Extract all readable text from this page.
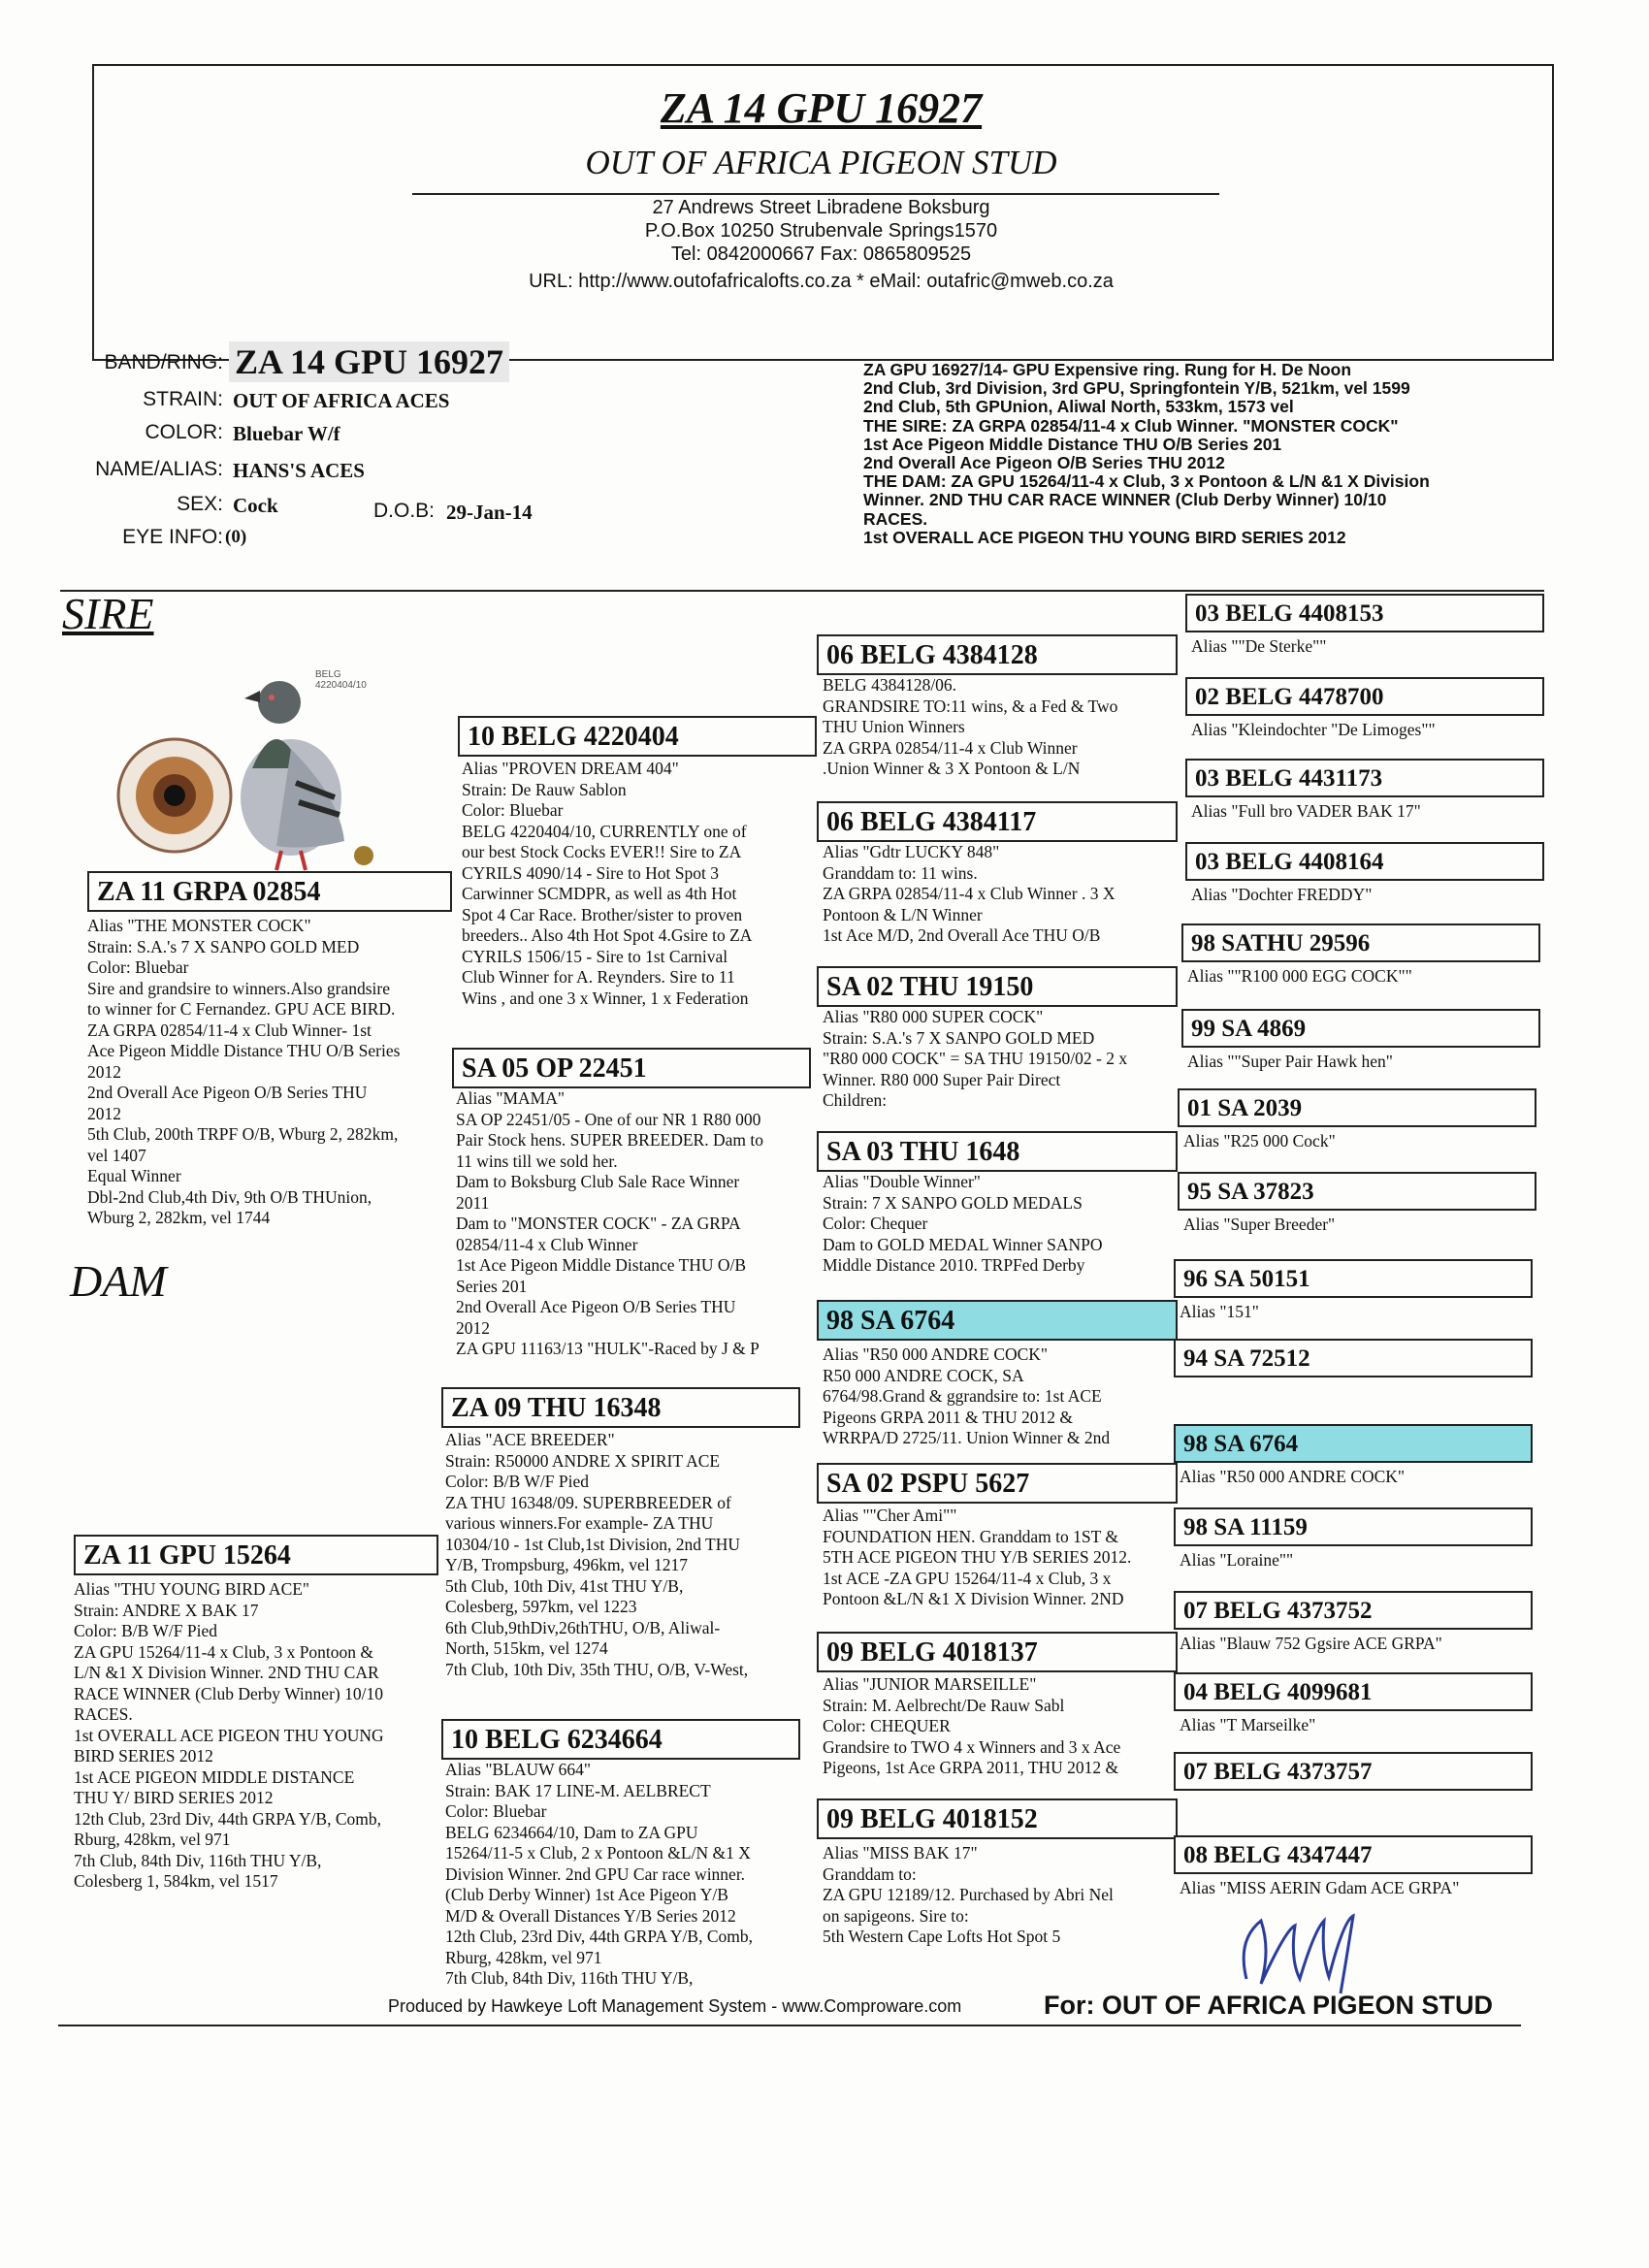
ZA 14 GPU 16927
OUT OF AFRICA PIGEON STUD
27 Andrews Street Libradene Boksburg
P.O.Box 10250 Strubenvale Springs1570
Tel: 0842000667 Fax: 0865809525
URL: http://www.outofafricalofts.co.za * eMail: outafric@mweb.co.za
BAND/RING: ZA 14 GPU 16927
STRAIN: OUT OF AFRICA ACES
COLOR: Bluebar W/f
NAME/ALIAS: HANS'S ACES
SEX: Cock	D.O.B: 29-Jan-14
EYE INFO: (0)
ZA GPU 16927/14- GPU Expensive ring. Rung for H. De Noon
2nd Club, 3rd Division, 3rd GPU, Springfontein Y/B, 521km, vel 1599
2nd Club, 5th GPUnion, Aliwal North, 533km, 1573 vel
THE SIRE: ZA GRPA 02854/11-4 x Club Winner. "MONSTER COCK"
1st Ace Pigeon Middle Distance THU O/B Series 201
2nd Overall Ace Pigeon O/B Series THU 2012
THE DAM: ZA GPU 15264/11-4 x Club, 3 x Pontoon & L/N &1 X Division
Winner. 2ND THU CAR RACE WINNER (Club Derby Winner) 10/10
RACES.
1st OVERALL ACE PIGEON THU YOUNG BIRD SERIES 2012
SIRE
DAM
BELG 4220404/10
ZA 11 GRPA 02854
Alias "THE MONSTER COCK"
Strain: S.A.'s 7 X SANPO GOLD MED
Color: Bluebar
Sire and grandsire to winners.Also grandsire
to winner for C Fernandez. GPU ACE BIRD.
ZA GRPA 02854/11-4 x Club Winner- 1st
Ace Pigeon Middle Distance THU O/B Series
2012
2nd Overall Ace Pigeon O/B Series THU
2012
5th Club, 200th TRPF O/B, Wburg 2, 282km,
vel 1407
Equal Winner
Dbl-2nd Club,4th Div, 9th O/B THUnion,
Wburg 2, 282km, vel 1744
ZA 11 GPU 15264
Alias "THU YOUNG BIRD ACE"
Strain: ANDRE X BAK 17
Color: B/B W/F Pied
ZA GPU 15264/11-4 x Club, 3 x Pontoon &
L/N &1 X Division Winner. 2ND THU CAR
RACE WINNER (Club Derby Winner) 10/10
RACES.
1st OVERALL ACE PIGEON THU YOUNG
BIRD SERIES 2012
1st ACE PIGEON MIDDLE DISTANCE
THU Y/ BIRD SERIES 2012
12th Club, 23rd Div, 44th GRPA Y/B, Comb,
Rburg, 428km, vel 971
7th Club, 84th Div, 116th THU Y/B,
Colesberg 1, 584km, vel 1517
10 BELG 4220404
Alias "PROVEN DREAM 404"
Strain: De Rauw Sablon
Color: Bluebar
BELG 4220404/10, CURRENTLY one of
our best Stock Cocks EVER!! Sire to ZA
CYRILS 4090/14 - Sire to Hot Spot 3
Carwinner SCMDPR, as well as 4th Hot
Spot 4 Car Race. Brother/sister to proven
breeders.. Also 4th Hot Spot 4.Gsire to ZA
CYRILS 1506/15 - Sire to 1st Carnival
Club Winner for A. Reynders. Sire to 11
Wins , and one 3 x Winner, 1 x Federation
SA 05 OP 22451
Alias "MAMA"
SA OP 22451/05 - One of our NR 1 R80 000
Pair Stock hens. SUPER BREEDER. Dam to
11 wins till we sold her.
Dam to Boksburg Club Sale Race Winner
2011
Dam to "MONSTER COCK" - ZA GRPA
02854/11-4 x Club Winner
1st Ace Pigeon Middle Distance THU O/B
Series 201
2nd Overall Ace Pigeon O/B Series THU
2012
ZA GPU 11163/13 "HULK"-Raced by J & P
ZA 09 THU 16348
Alias "ACE BREEDER"
Strain: R50000 ANDRE X SPIRIT ACE
Color: B/B W/F Pied
ZA THU 16348/09. SUPERBREEDER of
various winners.For example- ZA THU
10304/10 - 1st Club,1st Division, 2nd THU
Y/B, Trompsburg, 496km, vel 1217
5th Club, 10th Div, 41st THU Y/B,
Colesberg, 597km, vel 1223
6th Club,9thDiv,26thTHU, O/B, Aliwal-
North, 515km, vel 1274
7th Club, 10th Div, 35th THU, O/B, V-West,
10 BELG 6234664
Alias "BLAUW 664"
Strain: BAK 17 LINE-M. AELBRECT
Color: Bluebar
BELG 6234664/10, Dam to ZA GPU
15264/11-5 x Club, 2 x Pontoon &L/N &1 X
Division Winner. 2nd GPU Car race winner.
(Club Derby Winner) 1st Ace Pigeon Y/B
M/D & Overall Distances Y/B Series 2012
12th Club, 23rd Div, 44th GRPA Y/B, Comb,
Rburg, 428km, vel 971
7th Club, 84th Div, 116th THU Y/B,
06 BELG 4384128
BELG 4384128/06.
GRANDSIRE TO:11 wins, & a Fed & Two
THU Union Winners
ZA GRPA 02854/11-4 x Club Winner
.Union Winner & 3 X Pontoon & L/N
06 BELG 4384117
Alias "Gdtr LUCKY 848"
Granddam to: 11 wins.
ZA GRPA 02854/11-4 x Club Winner . 3 X
Pontoon & L/N Winner
1st Ace M/D, 2nd Overall Ace THU O/B
SA 02 THU 19150
Alias "R80 000 SUPER COCK"
Strain: S.A.'s 7 X SANPO GOLD MED
"R80 000 COCK" = SA THU 19150/02 - 2 x
Winner. R80 000 Super Pair Direct
Children:
SA 03 THU 1648
Alias "Double Winner"
Strain: 7 X SANPO GOLD MEDALS
Color: Chequer
Dam to GOLD MEDAL Winner SANPO
Middle Distance 2010. TRPFed Derby
98 SA 6764
Alias "R50 000 ANDRE COCK"
R50 000 ANDRE COCK, SA
6764/98.Grand & ggrandsire to: 1st ACE
Pigeons GRPA 2011 & THU 2012 &
WRRPA/D 2725/11. Union Winner & 2nd
SA 02 PSPU 5627
Alias ""Cher Ami""
FOUNDATION HEN. Granddam to 1ST &
5TH ACE PIGEON THU Y/B SERIES 2012.
1st ACE -ZA GPU 15264/11-4 x Club, 3 x
Pontoon &L/N &1 X Division Winner. 2ND
09 BELG 4018137
Alias "JUNIOR MARSEILLE"
Strain: M. Aelbrecht/De Rauw Sabl
Color: CHEQUER
Grandsire to TWO 4 x Winners and 3 x Ace
Pigeons, 1st Ace GRPA 2011, THU 2012 &
09 BELG 4018152
Alias "MISS BAK 17"
Granddam to:
ZA GPU 12189/12. Purchased by Abri Nel
on sapigeons. Sire to:
5th Western Cape Lofts Hot Spot 5
03 BELG 4408153
Alias ""De Sterke""
02 BELG 4478700
Alias "Kleindochter "De Limoges""
03 BELG 4431173
Alias "Full bro VADER BAK 17"
03 BELG 4408164
Alias "Dochter FREDDY"
98 SATHU 29596
Alias ""R100 000 EGG COCK""
99 SA 4869
Alias ""Super Pair Hawk hen"
01 SA 2039
Alias "R25 000 Cock"
95 SA 37823
Alias "Super Breeder"
96 SA 50151
Alias "151"
94 SA 72512
98 SA 6764
Alias "R50 000 ANDRE COCK"
98 SA 11159
Alias "Loraine""
07 BELG 4373752
Alias "Blauw 752 Ggsire ACE GRPA"
04 BELG 4099681
Alias "T Marseilke"
07 BELG 4373757
08 BELG 4347447
Alias "MISS AERIN Gdam ACE GRPA"
Produced by Hawkeye Loft Management System - www.Comproware.com	For: OUT OF AFRICA PIGEON STUD
